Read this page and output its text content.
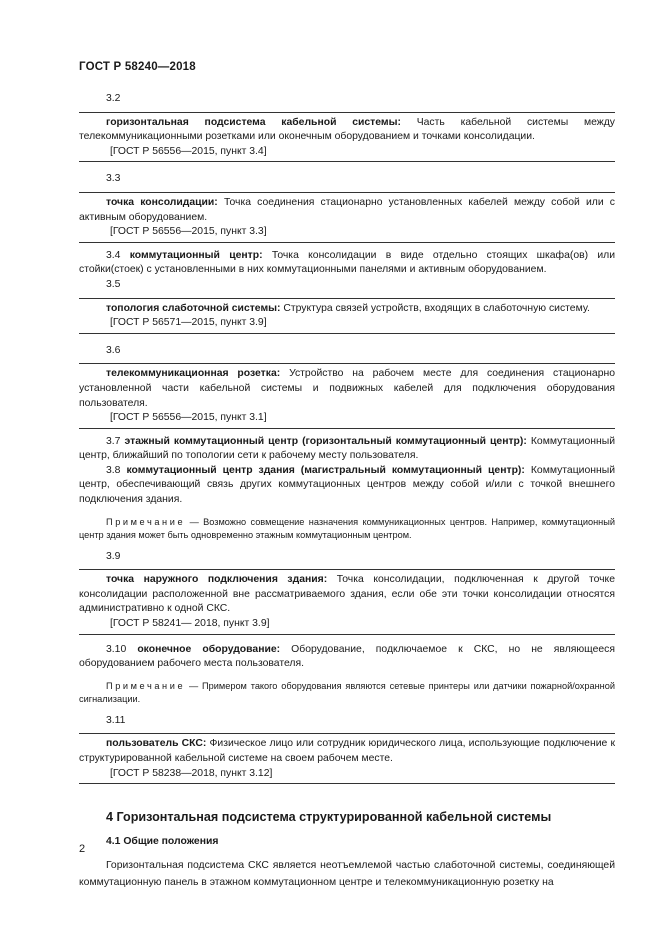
ГОСТ Р 58240—2018
3.2

горизонтальная подсистема кабельной системы: Часть кабельной системы между телекоммуникационными розетками или оконечным оборудованием и точками консолидации.

[ГОСТ Р 56556—2015, пункт 3.4]

3.3

точка консолидации: Точка соединения стационарно установленных кабелей между собой или с активным оборудованием.

[ГОСТ Р 56556—2015, пункт 3.3]

3.4 коммутационный центр: Точка консолидации в виде отдельно стоящих шкафа(ов) или стойки(стоек) с установленными в них коммутационными панелями и активным оборудованием.

3.5

топология слаботочной системы: Структура связей устройств, входящих в слаботочную систему.

[ГОСТ Р 56571—2015, пункт 3.9]

3.6

телекоммуникационная розетка: Устройство на рабочем месте для соединения стационарно установленной части кабельной системы и подвижных кабелей для подключения оборудования пользователя.

[ГОСТ Р 56556—2015, пункт 3.1]

3.7 этажный коммутационный центр (горизонтальный коммутационный центр): Коммутационный центр, ближайший по топологии сети к рабочему месту пользователя.

3.8 коммутационный центр здания (магистральный коммутационный центр): Коммутационный центр, обеспечивающий связь других коммутационных центров между собой и/или с точкой внешнего подключения здания.

Примечание — Возможно совмещение назначения коммуникационных центров. Например, коммутационный центр здания может быть одновременно этажным коммутационным центром.

3.9

точка наружного подключения здания: Точка консолидации, подключенная к другой точке консолидации расположенной вне рассматриваемого здания, если обе эти точки консолидации относятся административно к одной СКС.

[ГОСТ Р 58241— 2018, пункт 3.9]

3.10 оконечное оборудование: Оборудование, подключаемое к СКС, но не являющееся оборудованием рабочего места пользователя.

Примечание — Примером такого оборудования являются сетевые принтеры или датчики пожарной/охранной сигнализации.

3.11

пользователь СКС: Физическое лицо или сотрудник юридического лица, использующие подключение к структурированной кабельной системе на своем рабочем месте.

[ГОСТ Р 58238—2018, пункт 3.12]

4 Горизонтальная подсистема структурированной кабельной системы
4.1 Общие положения

Горизонтальная подсистема СКС является неотъемлемой частью слаботочной системы, соединяющей коммутационную панель в этажном коммутационном центре и телекоммуникационную розетку на

2
